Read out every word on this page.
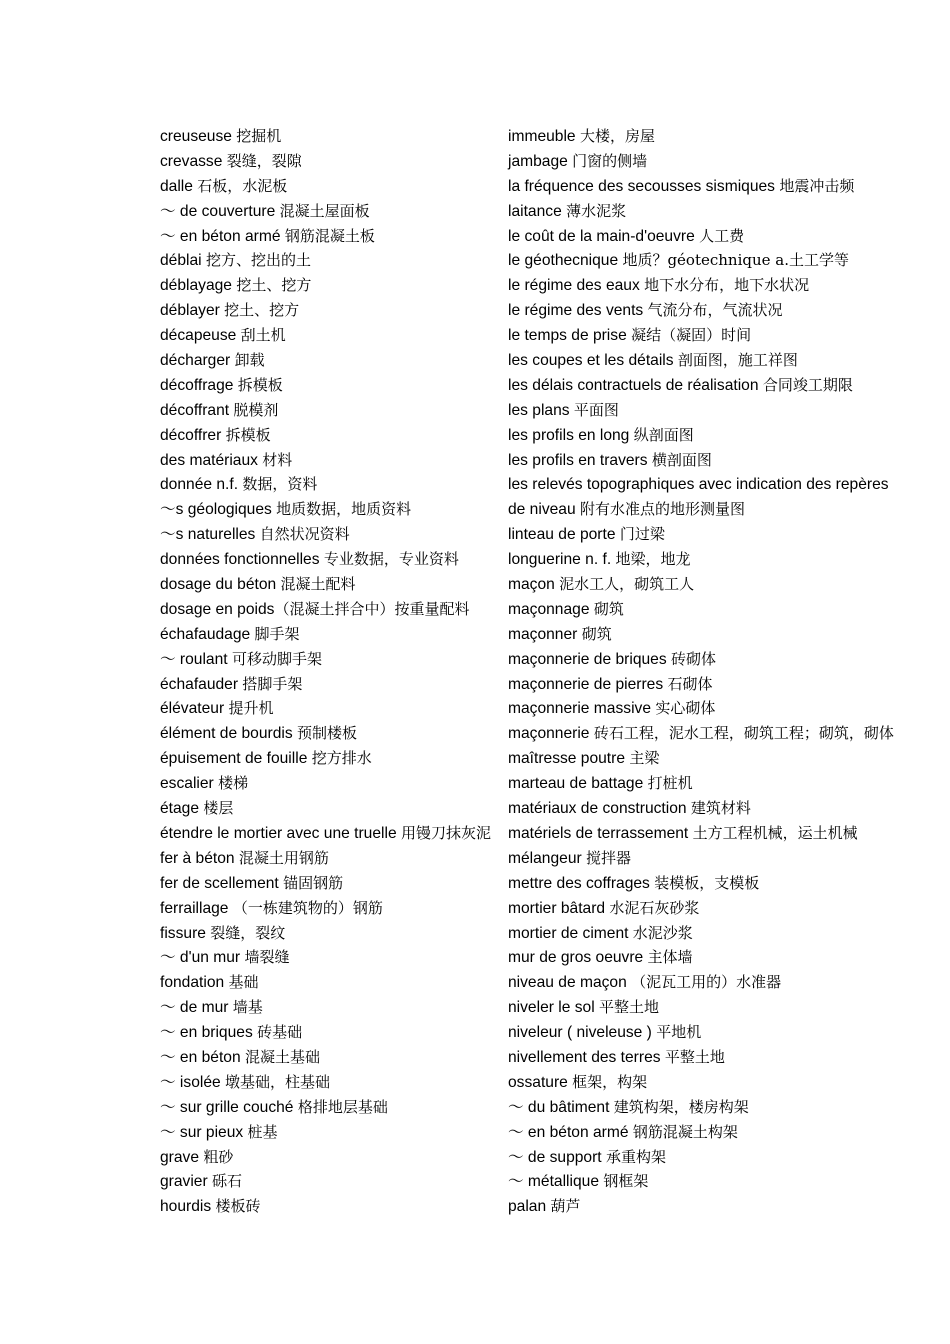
creuseuse 挖掘机
crevasse 裂缝，裂隙
dalle 石板，水泥板
～ de couverture 混凝土屋面板
～ en béton armé 钢筋混凝土板
déblai 挖方、挖出的土
déblayage 挖土、挖方
déblayer 挖土、挖方
décapeuse 刮土机
décharger 卸载
décoffrage 拆模板
décoffrant 脱模剂
décoffrer 拆模板
des matériaux 材料
donnée n.f. 数据，资料
～s géologiques 地质数据，地质资料
～s naturelles 自然状况资料
données fonctionnelles 专业数据，专业资料
dosage du béton 混凝土配料
dosage en poids（混凝土拌合中）按重量配料
échafaudage 脚手架
～ roulant 可移动脚手架
échafauder 搭脚手架
élévateur 提升机
élément de bourdis 预制楼板
épuisement de fouille 挖方排水
escalier 楼梯
étage 楼层
étendre le mortier avec une truelle 用镘刀抹灰泥
fer à béton 混凝土用钢筋
fer de scellement 锚固钢筋
ferraillage （一栋建筑物的）钢筋
fissure 裂缝，裂纹
～ d'un mur 墙裂缝
fondation 基础
～ de mur 墙基
～ en briques 砖基础
～ en béton 混凝土基础
～ isolée 墩基础，柱基础
～ sur grille couché 格排地层基础
～ sur pieux 桩基
grave 粗砂
gravier 砾石
hourdis 楼板砖
immeuble 大楼，房屋
jambage 门窗的侧墙
la fréquence des secousses sismiques 地震冲击频
laitance 薄水泥浆
le coût de la main-d'oeuvre 人工费
le géothecnique 地质？géotechnique a.土工学等
le régime des eaux 地下水分布，地下水状况
le régime des vents 气流分布，气流状况
le temps de prise 凝结（凝固）时间
les coupes et les détails 剖面图，施工祥图
les délais contractuels de réalisation 合同竣工期限
les plans 平面图
les profils en long 纵剖面图
les profils en travers 横剖面图
les relevés topographiques avec indication des repères
de niveau 附有水准点的地形测量图
linteau de porte 门过梁
longuerine n. f. 地梁，地龙
maçon 泥水工人，砌筑工人
maçonnage 砌筑
maçonner 砌筑
maçonnerie de briques 砖砌体
maçonnerie de pierres 石砌体
maçonnerie massive 实心砌体
maçonnerie 砖石工程，泥水工程，砌筑工程；砌筑，砌体
maîtresse poutre 主梁
marteau de battage 打桩机
matériaux de construction 建筑材料
matériels de terrassement 土方工程机械，运土机械
mélangeur 搅拌器
mettre des coffrages 装模板，支模板
mortier bâtard 水泥石灰砂浆
mortier de ciment 水泥沙浆
mur de gros oeuvre 主体墙
niveau de maçon （泥瓦工用的）水准器
niveler le sol 平整土地
niveleur ( niveleuse ) 平地机
nivellement des terres 平整土地
ossature 框架，构架
～ du bâtiment 建筑构架，楼房构架
～ en béton armé 钢筋混凝土构架
～ de support 承重构架
～ métallique 钢框架
palan 葫芦
